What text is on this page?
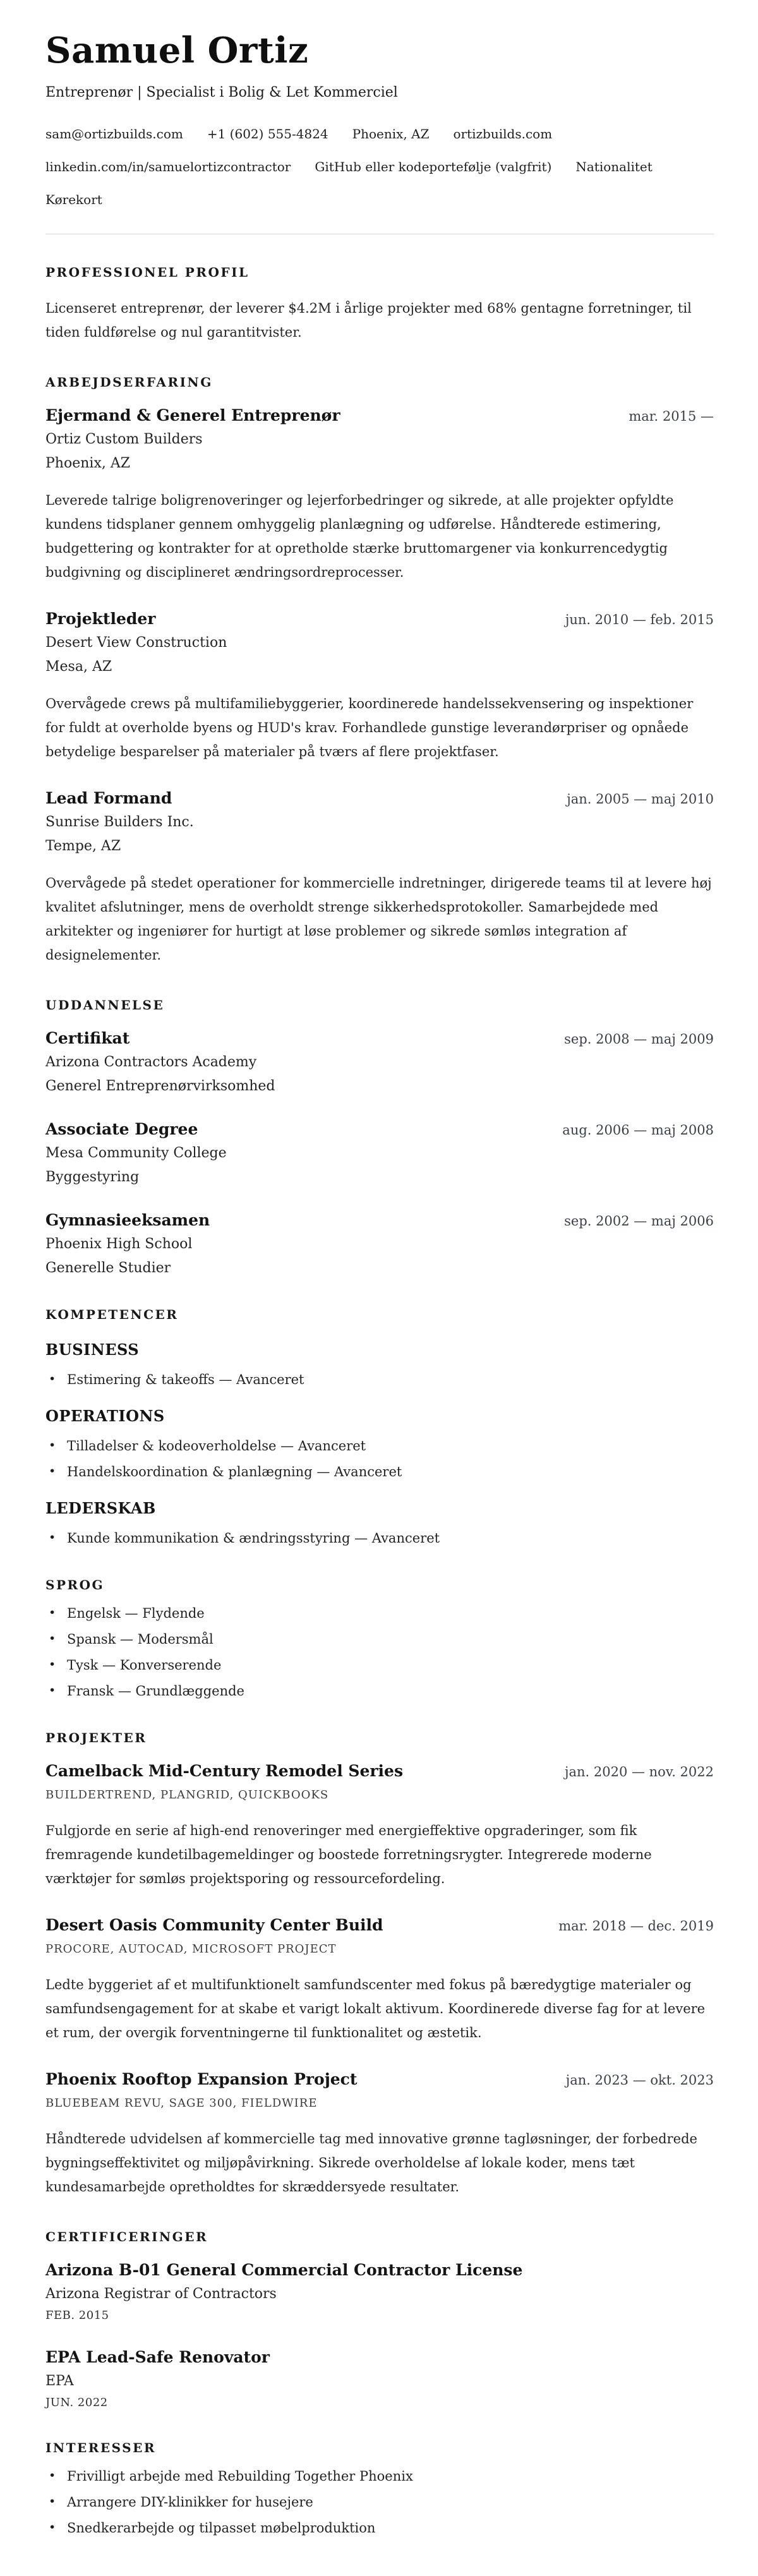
Samuel Ortiz
Entreprenør | Specialist i Bolig & Let Kommerciel
sam@ortizbuilds.com +1 (602) 555-4824 Phoenix, AZ ortizbuilds.com
linkedin.com/in/samuelortizcontractor GitHub eller kodeportefølje (valgfrit) Nationalitet
Kørekort
PROFESSIONEL PROFIL

Licenseret entreprenør, der leverer $4.2M i årlige projekter med 68% gentagne forretninger, til tiden fuldførelse og nul garantitvister.

ARBEJDSERFARING
Ejermand & Generel Entreprenør	mar. 2015 —
Ortiz Custom Builders
Phoenix, AZ

Leverede talrige boligrenoveringer og lejerforbedringer og sikrede, at alle projekter opfyldte kundens tidsplaner gennem omhyggelig planlægning og udførelse. Håndterede estimering, budgettering og kontrakter for at opretholde stærke bruttomargener via konkurrencedygtig budgivning og disciplineret ændringsordreprocesser.

Projektleder	jun. 2010 — feb. 2015
Desert View Construction
Mesa, AZ

Overvågede crews på multifamiliebyggerier, koordinerede handelssekvensering og inspektioner for fuldt at overholde byens og HUD's krav. Forhandlede gunstige leverandørpriser og opnåede betydelige besparelser på materialer på tværs af flere projektfaser.

Lead Formand	jan. 2005 — maj 2010
Sunrise Builders Inc.
Tempe, AZ

Overvågede på stedet operationer for kommercielle indretninger, dirigerede teams til at levere høj kvalitet afslutninger, mens de overholdt strenge sikkerhedsprotokoller. Samarbejdede med arkitekter og ingeniører for hurtigt at løse problemer og sikrede sømløs integration af designelementer.

UDDANNELSE
Certifikat	sep. 2008 — maj 2009
Arizona Contractors Academy
Generel Entreprenørvirksomhed
Associate Degree	aug. 2006 — maj 2008
Mesa Community College
Byggestyring
Gymnasieeksamen	sep. 2002 — maj 2006
Phoenix High School
Generelle Studier
KOMPETENCER
BUSINESS
• Estimering & takeoffs — Avanceret
OPERATIONS
• Tilladelser & kodeoverholdelse — Avanceret
• Handelskoordination & planlægning — Avanceret
LEDERSKAB
• Kunde kommunikation & ændringsstyring — Avanceret
SPROG
• Engelsk — Flydende
• Spansk — Modersmål
• Tysk — Konverserende
• Fransk — Grundlæggende
PROJEKTER
Camelback Mid-Century Remodel Series	jan. 2020 — nov. 2022
BUILDERTREND, PLANGRID, QUICKBOOKS

Fulgjorde en serie af high-end renoveringer med energieffektive opgraderinger, som fik fremragende kundetilbagemeldinger og boostede forretningsrygter. Integrerede moderne værktøjer for sømløs projektsporing og ressourcefordeling.

Desert Oasis Community Center Build	mar. 2018 — dec. 2019
PROCORE, AUTOCAD, MICROSOFT PROJECT

Ledte byggeriet af et multifunktionelt samfundscenter med fokus på bæredygtige materialer og samfundsengagement for at skabe et varigt lokalt aktivum. Koordinerede diverse fag for at levere et rum, der overgik forventningerne til funktionalitet og æstetik.

Phoenix Rooftop Expansion Project	jan. 2023 — okt. 2023
BLUEBEAM REVU, SAGE 300, FIELDWIRE

Håndterede udvidelsen af kommercielle tag med innovative grønne tagløsninger, der forbedrede bygningseffektivitet og miljøpåvirkning. Sikrede overholdelse af lokale koder, mens tæt kundesamarbejde opretholdtes for skræddersyede resultater.

CERTIFICERINGER
Arizona B-01 General Commercial Contractor License
Arizona Registrar of Contractors
FEB. 2015
EPA Lead-Safe Renovator
EPA
JUN. 2022
INTERESSER
• Frivilligt arbejde med Rebuilding Together Phoenix
• Arrangere DIY-klinikker for husejere
• Snedkerarbejde og tilpasset møbelproduktion
